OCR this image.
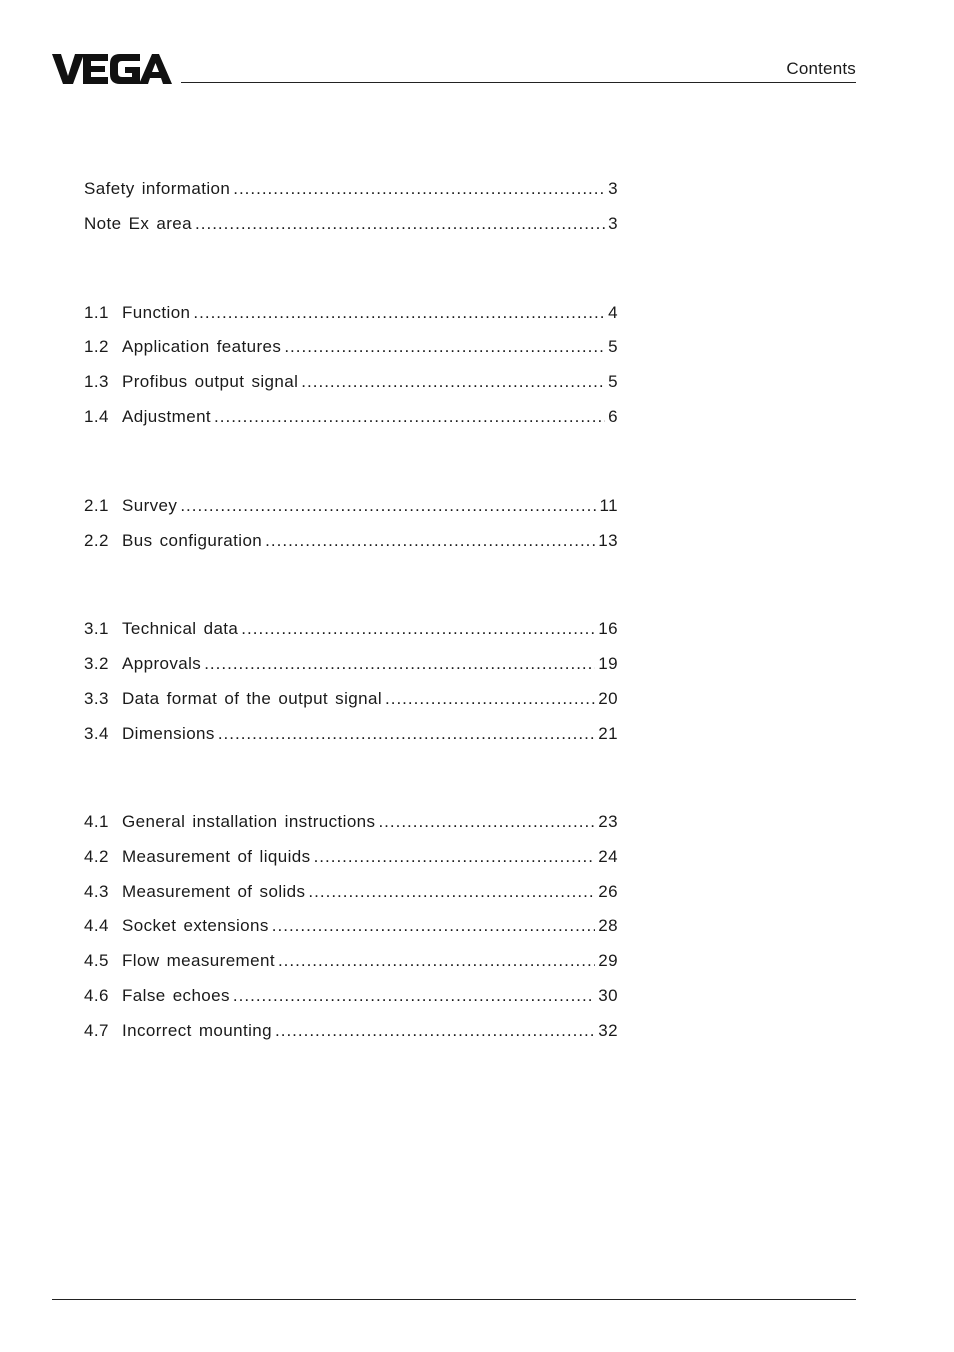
Contents
Safety information .....	3
Note Ex area .....	3
1.1 Function .....	4
1.2 Application features .....	5
1.3 Profibus output signal .....	5
1.4 Adjustment .....	6
2.1 Survey .....	11
2.2 Bus configuration .....	13
3.1 Technical data .....	16
3.2 Approvals .....	19
3.3 Data format of the output signal .....	20
3.4 Dimensions .....	21
4.1 General installation instructions .....	23
4.2 Measurement of liquids .....	24
4.3 Measurement of solids .....	26
4.4 Socket extensions .....	28
4.5 Flow measurement .....	29
4.6 False echoes .....	30
4.7 Incorrect mounting .....	32
